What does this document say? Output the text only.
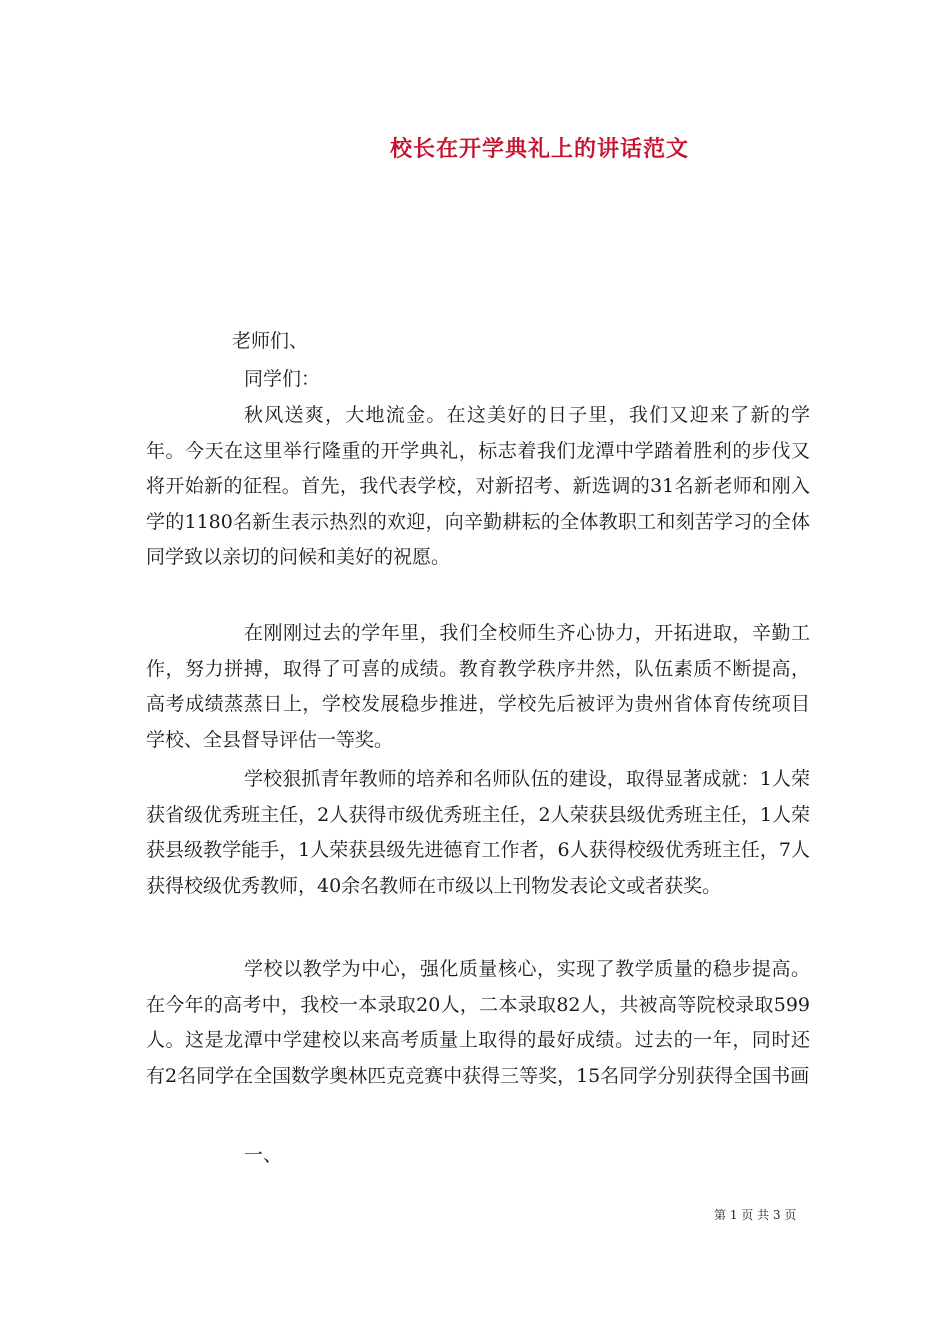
校长在开学典礼上的讲话范文
老师们、
同学们：

秋风送爽，大地流金。在这美好的日子里，我们又迎来了新的学年。今天在这里举行隆重的开学典礼，标志着我们龙潭中学踏着胜利的步伐又将开始新的征程。首先，我代表学校，对新招考、新选调的31名新老师和刚入学的1180名新生表示热烈的欢迎，向辛勤耕耘的全体教职工和刻苦学习的全体同学致以亲切的问候和美好的祝愿。

在刚刚过去的学年里，我们全校师生齐心协力，开拓进取，辛勤工作，努力拼搏，取得了可喜的成绩。教育教学秩序井然，队伍素质不断提高，高考成绩蒸蒸日上，学校发展稳步推进，学校先后被评为贵州省体育传统项目学校、全县督导评估一等奖。

学校狠抓青年教师的培养和名师队伍的建设，取得显著成就：1人荣获省级优秀班主任，2人获得市级优秀班主任，2人荣获县级优秀班主任，1人荣获县级教学能手，1人荣获县级先进德育工作者，6人获得校级优秀班主任，7人获得校级优秀教师，40余名教师在市级以上刊物发表论文或者获奖。

学校以教学为中心，强化质量核心，实现了教学质量的稳步提高。在今年的高考中，我校一本录取20人，二本录取82人，共被高等院校录取599人。这是龙潭中学建校以来高考质量上取得的最好成绩。过去的一年，同时还有2名同学在全国数学奥林匹克竞赛中获得三等奖，15名同学分别获得全国书画

一、
第 1 页 共 3 页
